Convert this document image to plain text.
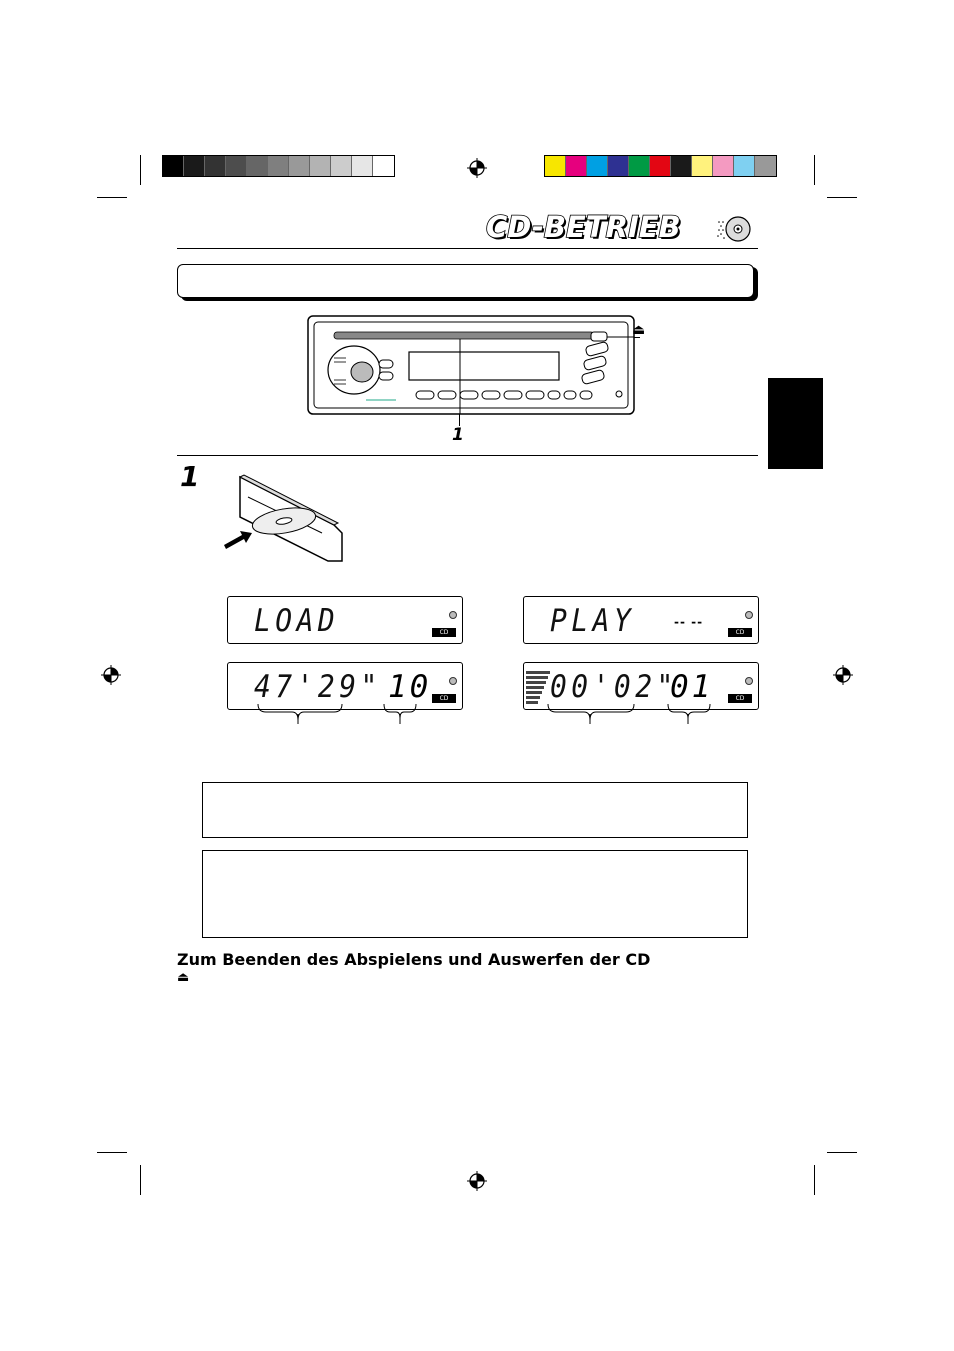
CD-BETRIEB
⏏
1
1
LOAD	CD	PLAY	-- --
CD
47'29" 10	CD	00'02"
01	CD
Zum Beenden des Abspielens und Auswerfen der CD
⏏
